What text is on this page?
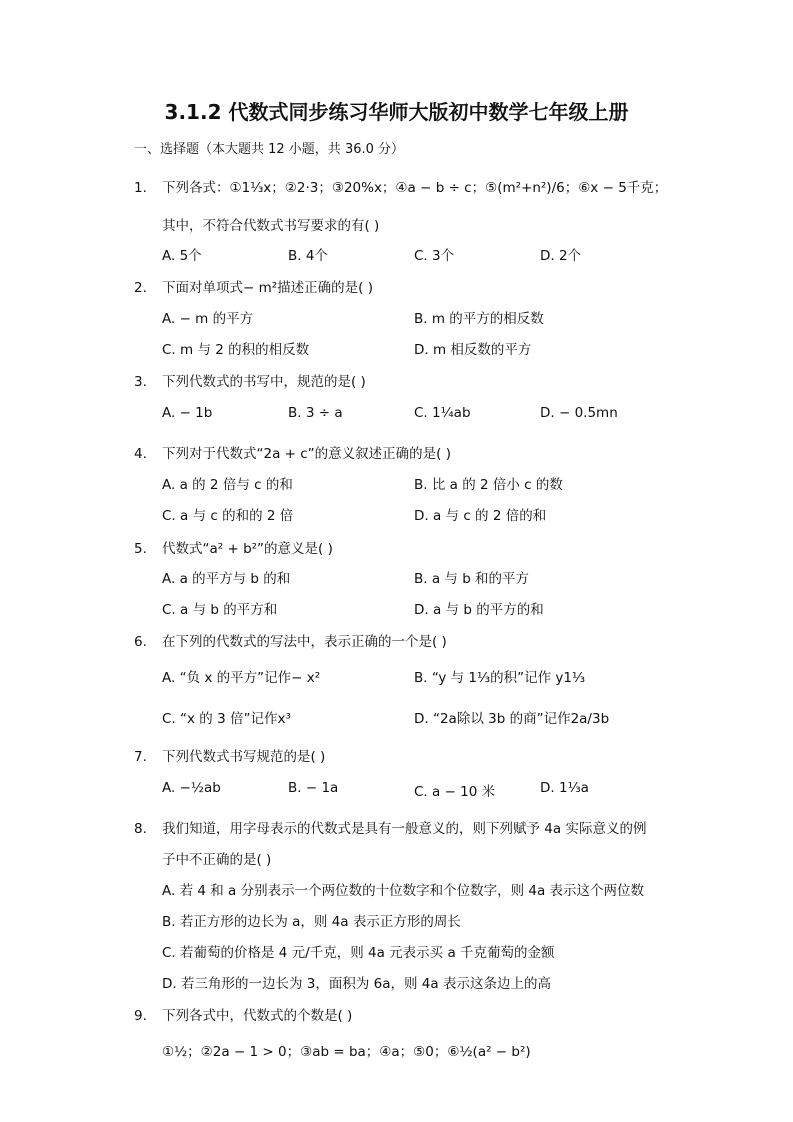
3.1.2 代数式同步练习华师大版初中数学七年级上册
一、选择题（本大题共 12 小题，共 36.0 分）
1. 下列各式：①1⅓x；②2·3；③20%x；④a − b ÷ c；⑤(m²+n²)/6；⑥x − 5千克；
其中，不符合代数式书写要求的有( )
A. 5个	B. 4个	C. 3个	D. 2个
2. 下面对单项式− m²描述正确的是( )
A. − m 的平方	B. m 的平方的相反数
C. m 与 2 的积的相反数	D. m 相反数的平方
3. 下列代数式的书写中，规范的是( )
A. − 1b	B. 3 ÷ a	C. 1¼ab	D. − 0.5mn
4. 下列对于代数式“2a + c”的意义叙述正确的是( )
A. a 的 2 倍与 c 的和	B. 比 a 的 2 倍小 c 的数
C. a 与 c 的和的 2 倍	D. a 与 c 的 2 倍的和
5. 代数式“a² + b²”的意义是( )
A. a 的平方与 b 的和	B. a 与 b 和的平方
C. a 与 b 的平方和	D. a 与 b 的平方的和
6. 在下列的代数式的写法中，表示正确的一个是( )
A. “负 x 的平方”记作− x²	B. “y 与 1⅓的积”记作 y1⅓
C. “x 的 3 倍”记作x³	D. “2a除以 3b 的商”记作2a/3b
7. 下列代数式书写规范的是( )
A. −½ab	B. − 1a	C. a − 10 米	D. 1⅓a
8. 我们知道，用字母表示的代数式是具有一般意义的，则下列赋予 4a 实际意义的例
子中不正确的是( )
A. 若 4 和 a 分别表示一个两位数的十位数字和个位数字，则 4a 表示这个两位数
B. 若正方形的边长为 a，则 4a 表示正方形的周长
C. 若葡萄的价格是 4 元/千克，则 4a 元表示买 a 千克葡萄的金额
D. 若三角形的一边长为 3，面积为 6a，则 4a 表示这条边上的高
9. 下列各式中，代数式的个数是( )
①½；②2a − 1 > 0；③ab = ba；④a；⑤0；⑥½(a² − b²)
